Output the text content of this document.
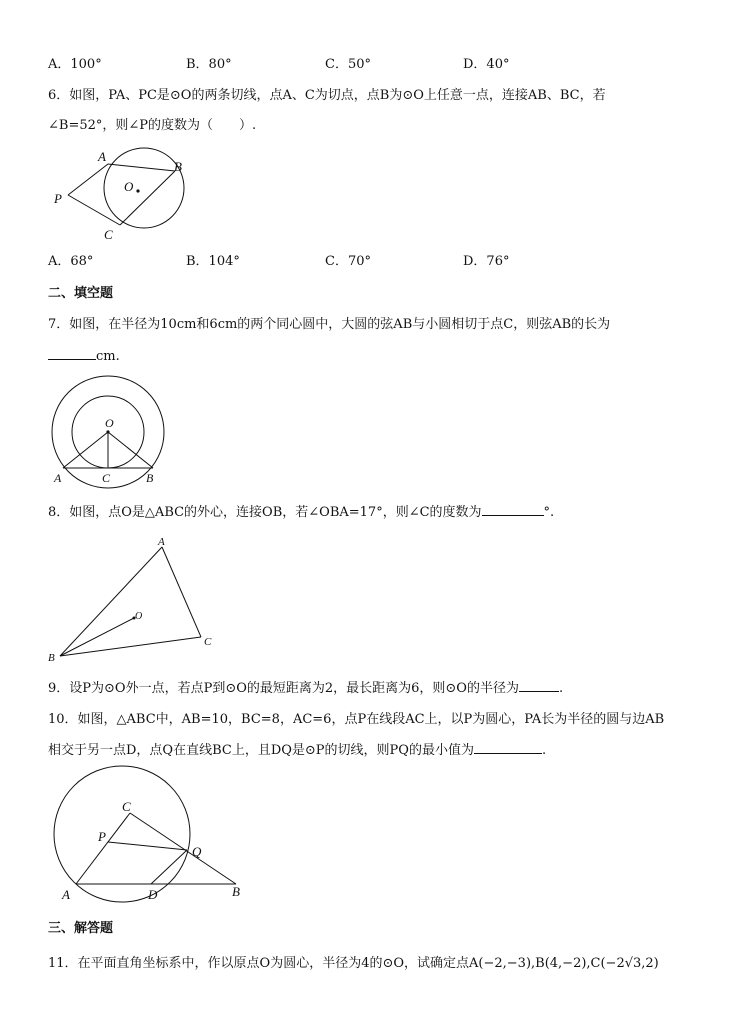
A．100°	B．80°	C．50°	D．40°
6．如图，PA、PC是⊙O的两条切线，点A、C为切点，点B为⊙O上任意一点，连接AB、BC，若
∠B=52°，则∠P的度数为（　　）.
A
B
O
P
C
A．68°	B．104°	C．70°	D．76°
二、填空题
7．如图，在半径为10cm和6cm的两个同心圆中，大圆的弦AB与小圆相切于点C，则弦AB的长为
cm.
O
A	C	B
8．如图，点O是△ABC的外心，连接OB，若∠OBA=17°，则∠C的度数为	°.
A
O
C
B
9．设P为⊙O外一点，若点P到⊙O的最短距离为2，最长距离为6，则⊙O的半径为	.
10．如图，△ABC中，AB=10，BC=8，AC=6，点P在线段AC上，以P为圆心，PA长为半径的圆与边AB
相交于另一点D，点Q在直线BC上，且DQ是⊙P的切线，则PQ的最小值为	.
C
P
Q
A	D	B
三、解答题
11．在平面直角坐标系中，作以原点O为圆心，半径为4的⊙O，试确定点A(−2,−3),B(4,−2),C(−2√3,2)
